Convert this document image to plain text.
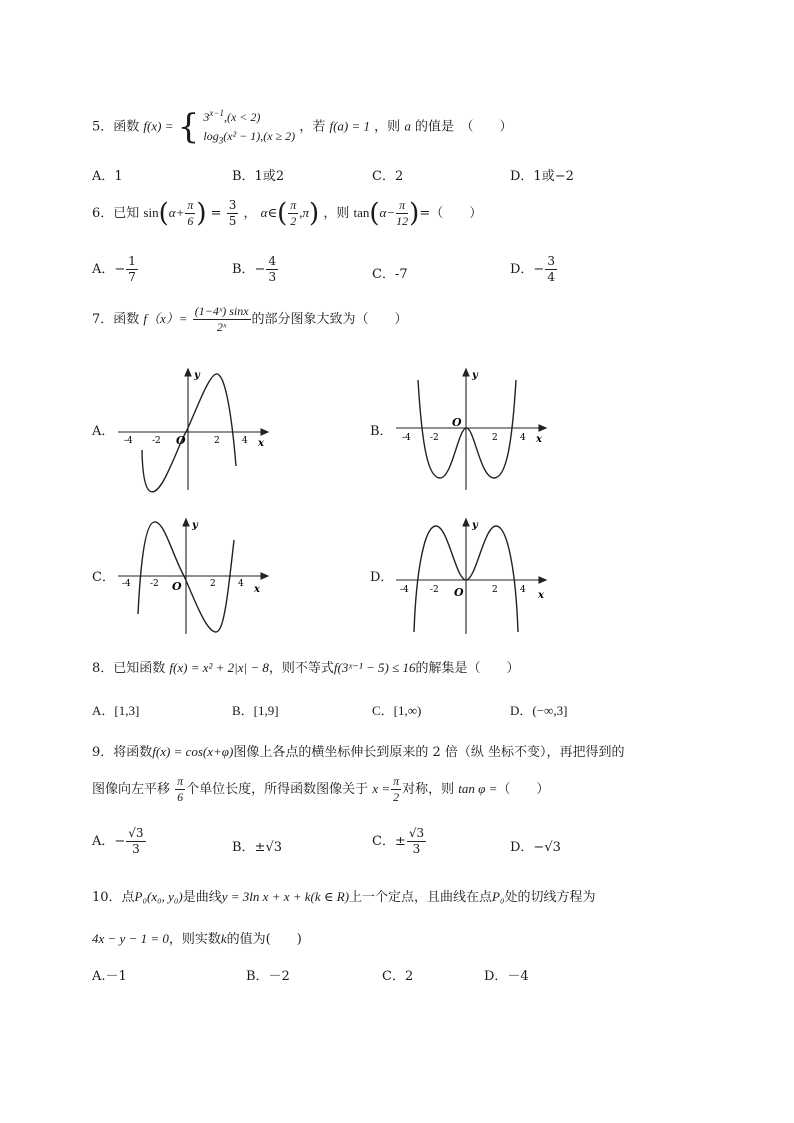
5．函数 f(x) = { $3^{x-1},(x < 2)$
$\log_3(x^2 - 1),(x \ge 2)$
，若 f(a) = 1 ，则 a 的值是　（　　）
A．1	B．1或2	C．2	D．1或−2
6．已知 $\sin(\alpha+ \frac{\pi}{6}$ ) = $\frac{3}{5}$ ， α∈( $\frac{\pi}{2} ,\pi$) ，则 $\tan(\alpha- \frac{\pi}{12}$ )=（　　）
A．− $\frac{1}{7}$	B．− $\frac{4}{3}$	C．-7	D．− $\frac{3}{4}$
7．函数 $f(x)= \frac{\text{(1−4ˣ) sinx}}{\text{2ˣ}}$ 的部分图象大致为（　　）
A．	B．
C．	D．
-4 -2	2 4
O	x
y
-4 -2	2 4
O
x
y
-4 -2	2 4
O	x
y
-4 -2	2 4
O	x
y
8．已知函数 f(x) = x² + 2|x| − 8，则不等式f(3ˣ⁻¹ − 5) ≤ 16的解集是（　　）
A．[1,3]	B．[1,9]	C．[1,∞)	D．(−∞,3]
9．将函数f(x) = cos(x+φ)图像上各点的横坐标伸长到原来的 2 倍（纵 坐标不变），再把得到的
图像向左平移 $\frac{\pi}{6}$ 个单位长度，所得函数图像关于 $x = \frac{\pi}{2}$ 对称，则 tan φ =（　　）
A．− $\frac{√3}{3}$	B．±√3	C．± $\frac{√3}{3}$	D．−√3
10．点P₀(x₀, y₀)是曲线y = 3ln x + x + k(k ∈ R)上一个定点，且曲线在点P₀处的切线方程为
4x − y − 1 = 0，则实数k的值为(　　)
A.－1	B．－2	C．2	D．－4
